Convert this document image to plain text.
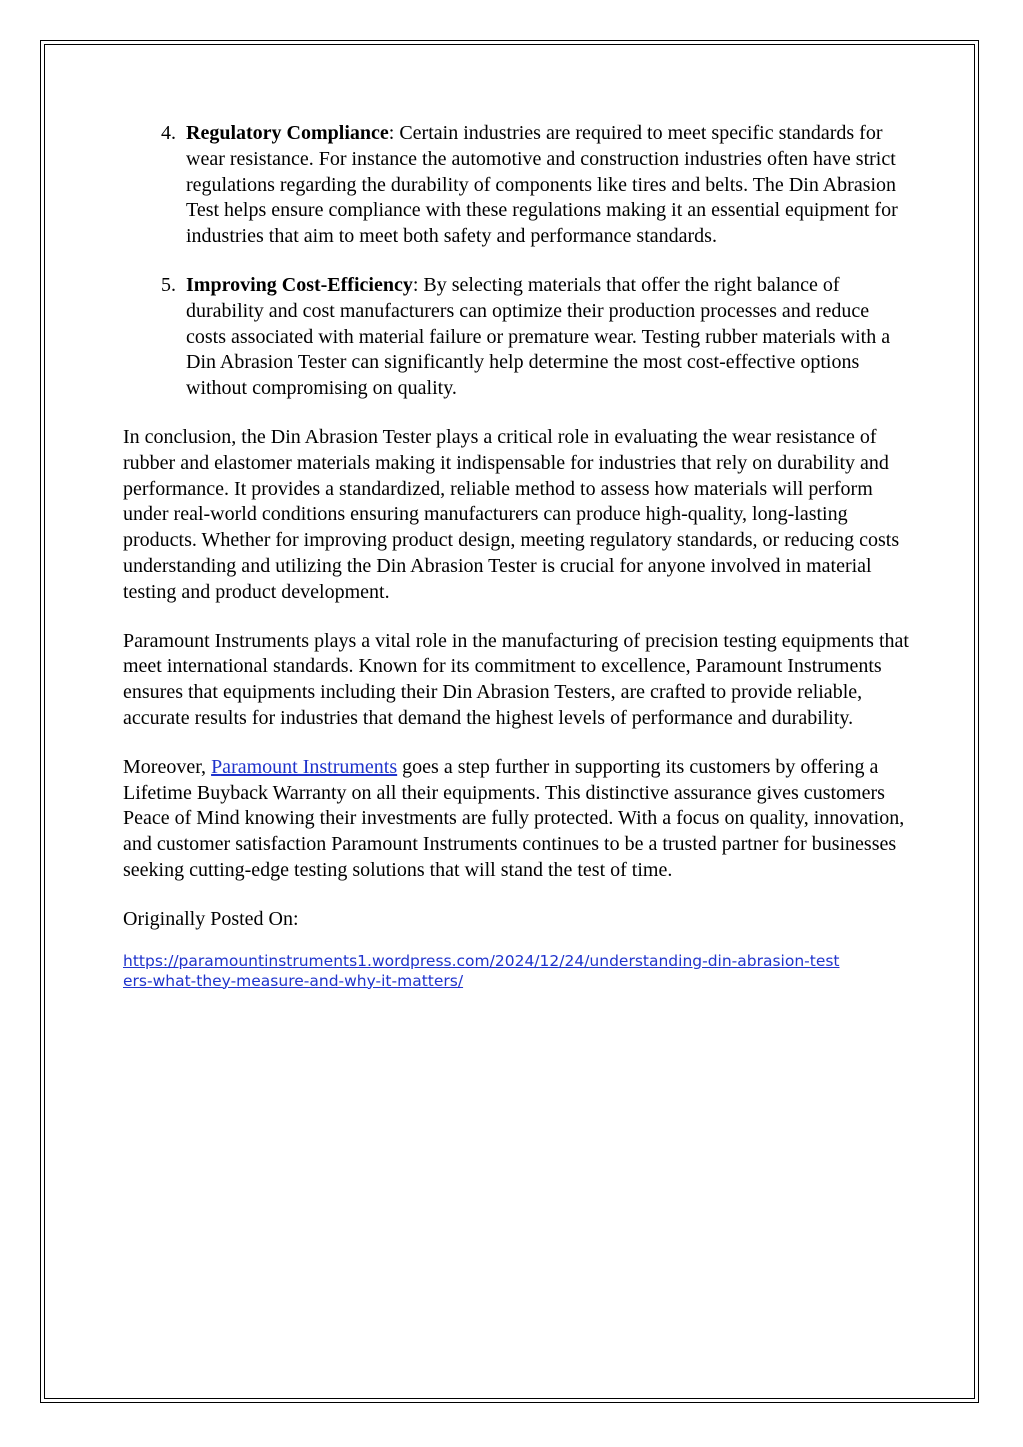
4. Regulatory Compliance: Certain industries are required to meet specific standards for wear resistance. For instance the automotive and construction industries often have strict regulations regarding the durability of components like tires and belts. The Din Abrasion Test helps ensure compliance with these regulations making it an essential equipment for industries that aim to meet both safety and performance standards.
5. Improving Cost-Efficiency: By selecting materials that offer the right balance of durability and cost manufacturers can optimize their production processes and reduce costs associated with material failure or premature wear. Testing rubber materials with a Din Abrasion Tester can significantly help determine the most cost-effective options without compromising on quality.

In conclusion, the Din Abrasion Tester plays a critical role in evaluating the wear resistance of rubber and elastomer materials making it indispensable for industries that rely on durability and performance. It provides a standardized, reliable method to assess how materials will perform under real-world conditions ensuring manufacturers can produce high-quality, long-lasting products. Whether for improving product design, meeting regulatory standards, or reducing costs understanding and utilizing the Din Abrasion Tester is crucial for anyone involved in material testing and product development.

Paramount Instruments plays a vital role in the manufacturing of precision testing equipments that meet international standards. Known for its commitment to excellence, Paramount Instruments ensures that equipments including their Din Abrasion Testers, are crafted to provide reliable, accurate results for industries that demand the highest levels of performance and durability.

Moreover, Paramount Instruments goes a step further in supporting its customers by offering a Lifetime Buyback Warranty on all their equipments. This distinctive assurance gives customers Peace of Mind knowing their investments are fully protected. With a focus on quality, innovation, and customer satisfaction Paramount Instruments continues to be a trusted partner for businesses seeking cutting-edge testing solutions that will stand the test of time.

Originally Posted On:

https://paramountinstruments1.wordpress.com/2024/12/24/understanding-din-abrasion-testers-what-they-measure-and-why-it-matters/
